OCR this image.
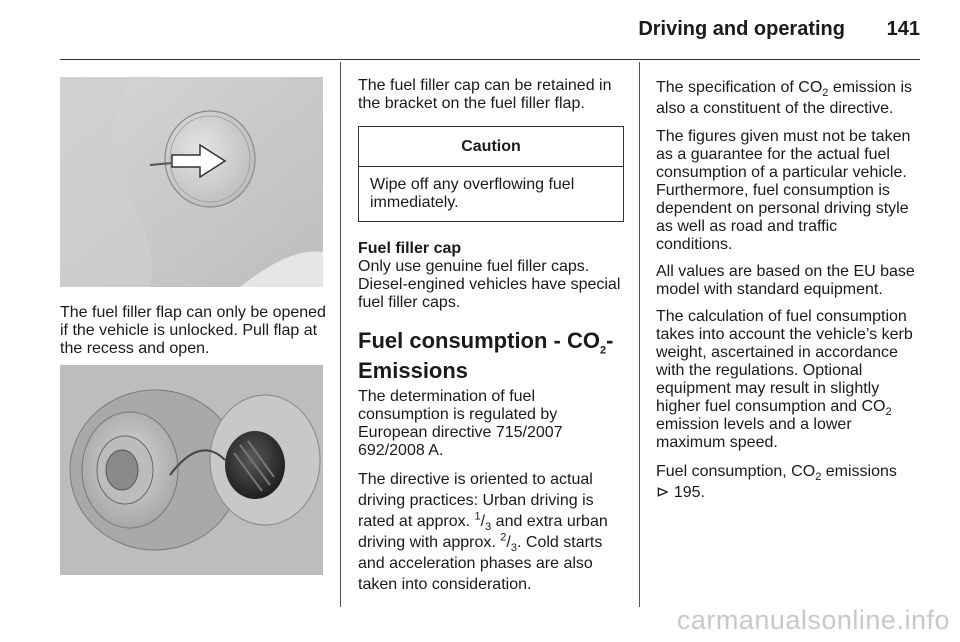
Driving and operating 141
The fuel filler flap can only be opened if the vehicle is unlocked. Pull flap at the recess and open.

The fuel filler cap can be retained in the bracket on the fuel filler flap.

Caution
Wipe off any overflowing fuel immediately.
Fuel filler cap

Only use genuine fuel filler caps. Diesel-engined vehicles have special fuel filler caps.

Fuel consumption - $CO_2-$
Emissions

The determination of fuel consumption is regulated by European directive 715/2007 692/2008 A.

The directive is oriented to actual driving practices: Urban driving is rated at approx. $^1/_3$ and extra urban driving with approx. $^2/_3$. Cold starts and acceleration phases are also taken into consideration.

The specification of $CO_2$ emission is also a constituent of the directive.

The figures given must not be taken as a guarantee for the actual fuel consumption of a particular vehicle. Furthermore, fuel consumption is dependent on personal driving style as well as road and traffic conditions.

All values are based on the EU base model with standard equipment.

The calculation of fuel consumption takes into account the vehicle’s kerb weight, ascertained in accordance with the regulations. Optional equipment may result in slightly higher fuel consumption and $CO_2$ emission levels and a lower maximum speed.

Fuel consumption, $CO_2$ emissions
⊳ 195.

carmanualsonline.info
